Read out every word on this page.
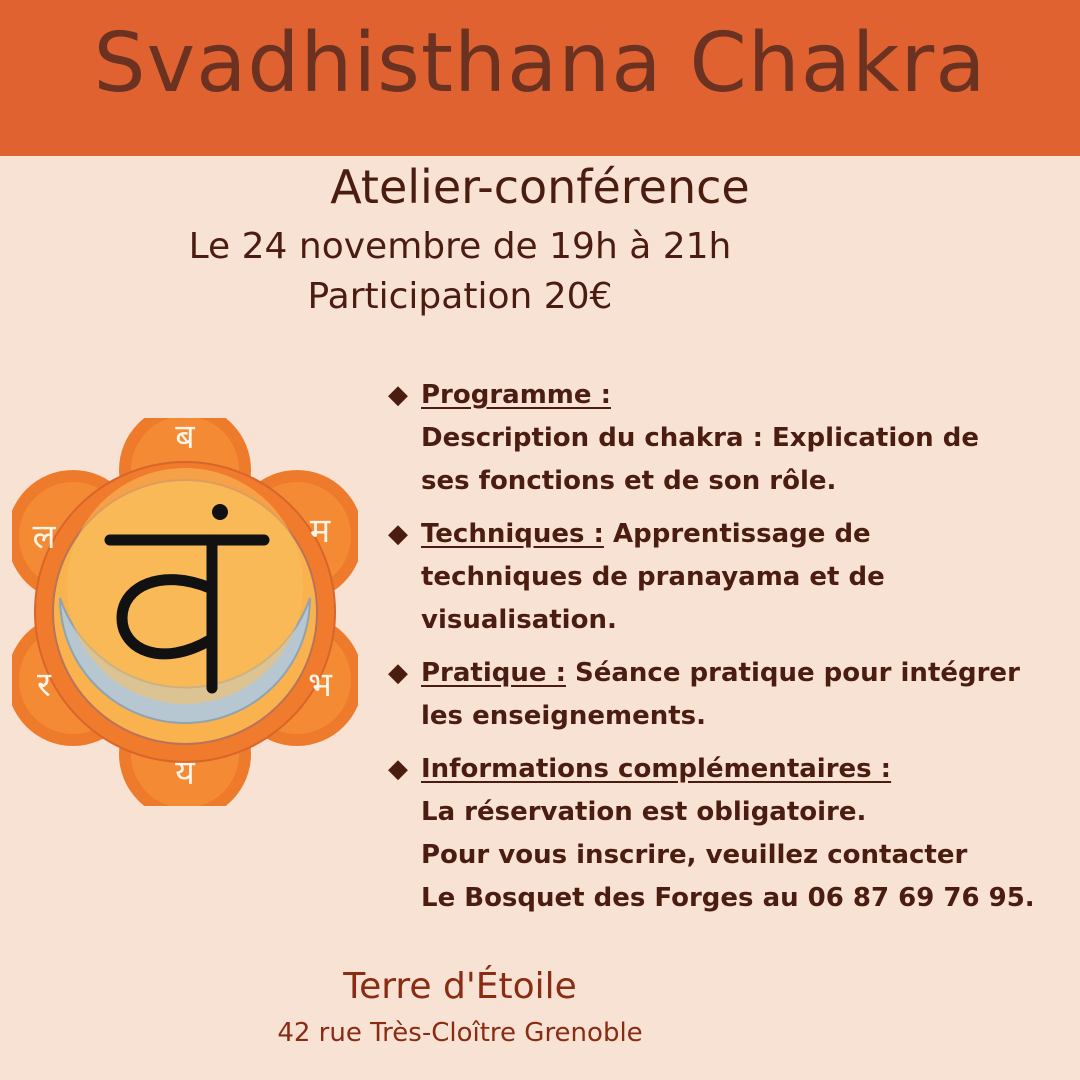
Svadhisthana Chakra
Atelier-conférence
Le 24 novembre de 19h à 21h
Participation 20€
ब
म
भ
य
र
ल
◆ Programme :
Description du chakra : Explication de
ses fonctions et de son rôle.
◆ Techniques : Apprentissage de
techniques de pranayama et de
visualisation.
◆ Pratique : Séance pratique pour intégrer
les enseignements.
◆ Informations complémentaires :
La réservation est obligatoire.
Pour vous inscrire, veuillez contacter
Le Bosquet des Forges au 06 87 69 76 95.
Terre d'Étoile
42 rue Très-Cloître Grenoble
